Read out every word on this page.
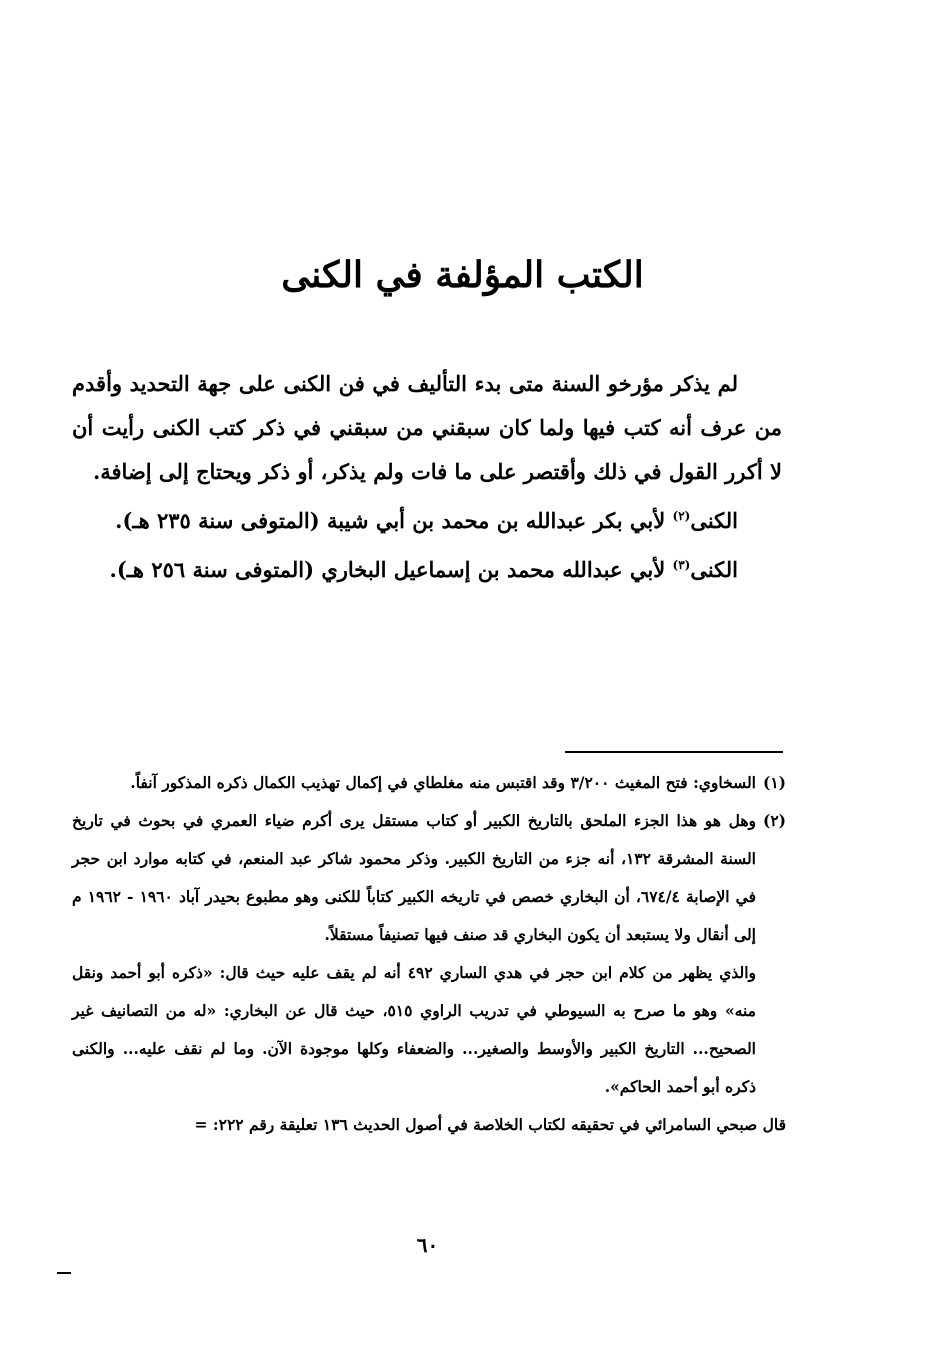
الكتب المؤلفة في الكنى

لم يذكر مؤرخو السنة متى بدء التأليف في فن الكنى على جهة التحديد وأقدم من عرف أنه كتب فيها ولما كان سبقني من سبقني في ذكر كتب الكنى رأيت أن لا أكرر القول في ذلك وأقتصر على ما فات ولم يذكر، أو ذكر ويحتاج إلى إضافة.

الكنى$^{(٢)}$ لأبي بكر عبدالله بن محمد بن أبي شيبة (المتوفى سنة ٢٣٥ هـ).

الكنى$^{(٣)}$ لأبي عبدالله محمد بن إسماعيل البخاري (المتوفى سنة ٢٥٦ هـ).

(١)
السخاوي: فتح المغيث ٣/٢٠٠ وقد اقتبس منه مغلطاي في إكمال تهذيب الكمال ذكره المذكور آنفاً.
(٢)
وهل هو هذا الجزء الملحق بالتاريخ الكبير أو كتاب مستقل يرى أكرم ضياء العمري في بحوث في تاريخ السنة المشرقة ١٣٢، أنه جزء من التاريخ الكبير. وذكر محمود شاكر عبد المنعم، في كتابه موارد ابن حجر في الإصابة ٦٧٤/٤، أن البخاري خصص في تاريخه الكبير كتاباً للكنى وهو مطبوع بحيدر آباد ١٩٦٠ - ١٩٦٢ م إلى أنقال ولا يستبعد أن يكون البخاري قد صنف فيها تصنيفاً مستقلاً.

والذي يظهر من كلام ابن حجر في هدي الساري ٤٩٢ أنه لم يقف عليه حيث قال: «ذكره أبو أحمد ونقل منه» وهو ما صرح به السيوطي في تدريب الراوي ٥١٥، حيث قال عن البخاري: «له من التصانيف غير الصحيح... التاريخ الكبير والأوسط والصغير... والضعفاء وكلها موجودة الآن. وما لم نقف عليه... والكنى ذكره أبو أحمد الحاكم».

قال صبحي السامرائي في تحقيقه لكتاب الخلاصة في أصول الحديث ١٣٦ تعليقة رقم ٢٢٢: =

٦٠
